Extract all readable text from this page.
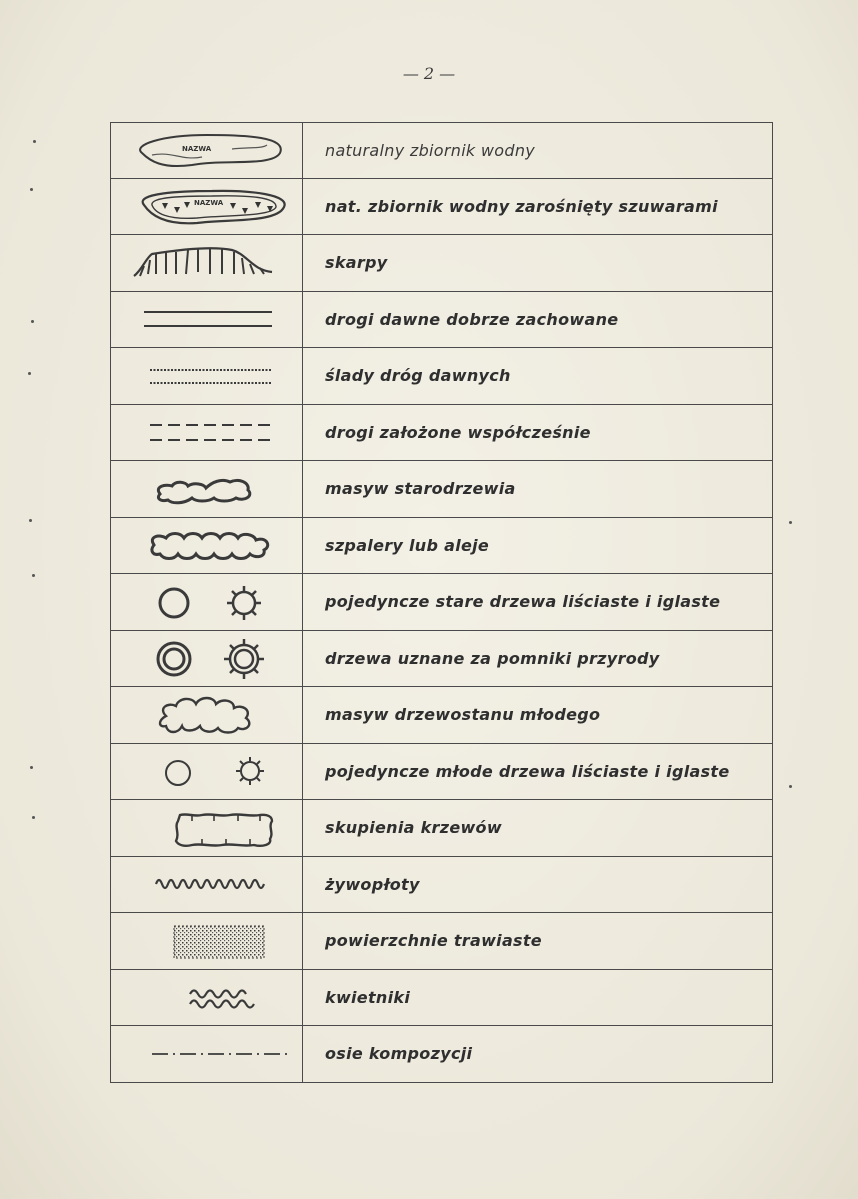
— 2 —
NAZWA	naturalny zbiornik wodny
NAZWA	nat. zbiornik wodny zarośnięty szuwarami
skarpy
drogi dawne dobrze zachowane
ślady dróg dawnych
drogi założone współcześnie
masyw starodrzewia
szpalery lub aleje
pojedyncze stare drzewa liściaste i iglaste
drzewa uznane za pomniki przyrody
masyw drzewostanu młodego
pojedyncze młode drzewa liściaste i iglaste
skupienia krzewów
żywopłoty
powierzchnie trawiaste
kwietniki
osie kompozycji
